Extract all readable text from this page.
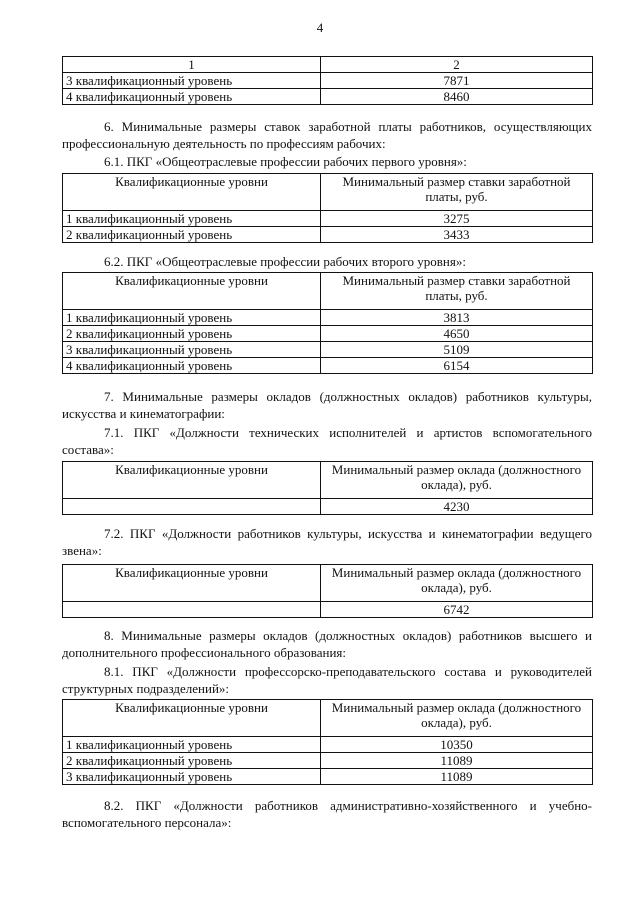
4
1	2
3 квалификационный уровень	7871
4 квалификационный уровень	8460
6. Минимальные размеры ставок заработной платы работников, осуществляющих профессиональную деятельность по профессиям рабочих:
6.1. ПКГ «Общеотраслевые профессии рабочих первого уровня»:
Квалификационные уровни	Минимальный размер ставки заработной платы, руб.
1 квалификационный уровень	3275
2 квалификационный уровень	3433
6.2. ПКГ «Общеотраслевые профессии рабочих второго уровня»:
Квалификационные уровни	Минимальный размер ставки заработной платы, руб.
1 квалификационный уровень	3813
2 квалификационный уровень	4650
3 квалификационный уровень	5109
4 квалификационный уровень	6154
7. Минимальные размеры окладов (должностных окладов) работников культуры, искусства и кинематографии:
7.1. ПКГ «Должности технических исполнителей и артистов вспомогательного состава»:
Квалификационные уровни	Минимальный размер оклада (должностного оклада), руб.
	4230
7.2. ПКГ «Должности работников культуры, искусства и кинематографии ведущего звена»:
Квалификационные уровни	Минимальный размер оклада (должностного оклада), руб.
	6742
8. Минимальные размеры окладов (должностных окладов) работников высшего и дополнительного профессионального образования:
8.1. ПКГ «Должности профессорско-преподавательского состава и руководителей структурных подразделений»:
Квалификационные уровни	Минимальный размер оклада (должностного оклада), руб.
1 квалификационный уровень	10350
2 квалификационный уровень	11089
3 квалификационный уровень	11089
8.2. ПКГ «Должности работников административно-хозяйственного и учебно-вспомогательного персонала»:
